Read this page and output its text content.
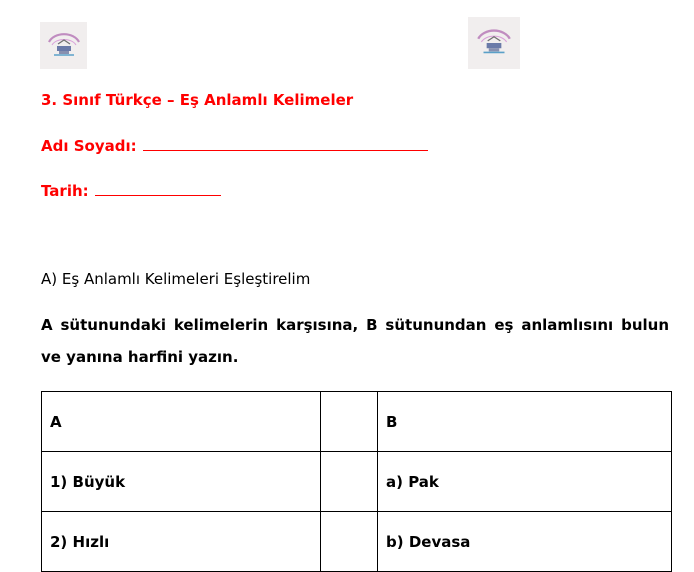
3. Sınıf Türkçe – Eş Anlamlı Kelimeler
Adı Soyadı:
Tarih:
A) Eş Anlamlı Kelimeleri Eşleştirelim
A sütunundaki kelimelerin karşısına, B sütunundan eş anlamlısını bulun ve yanına harfini yazın.
A		B
1) Büyük		a) Pak
2) Hızlı		b) Devasa
